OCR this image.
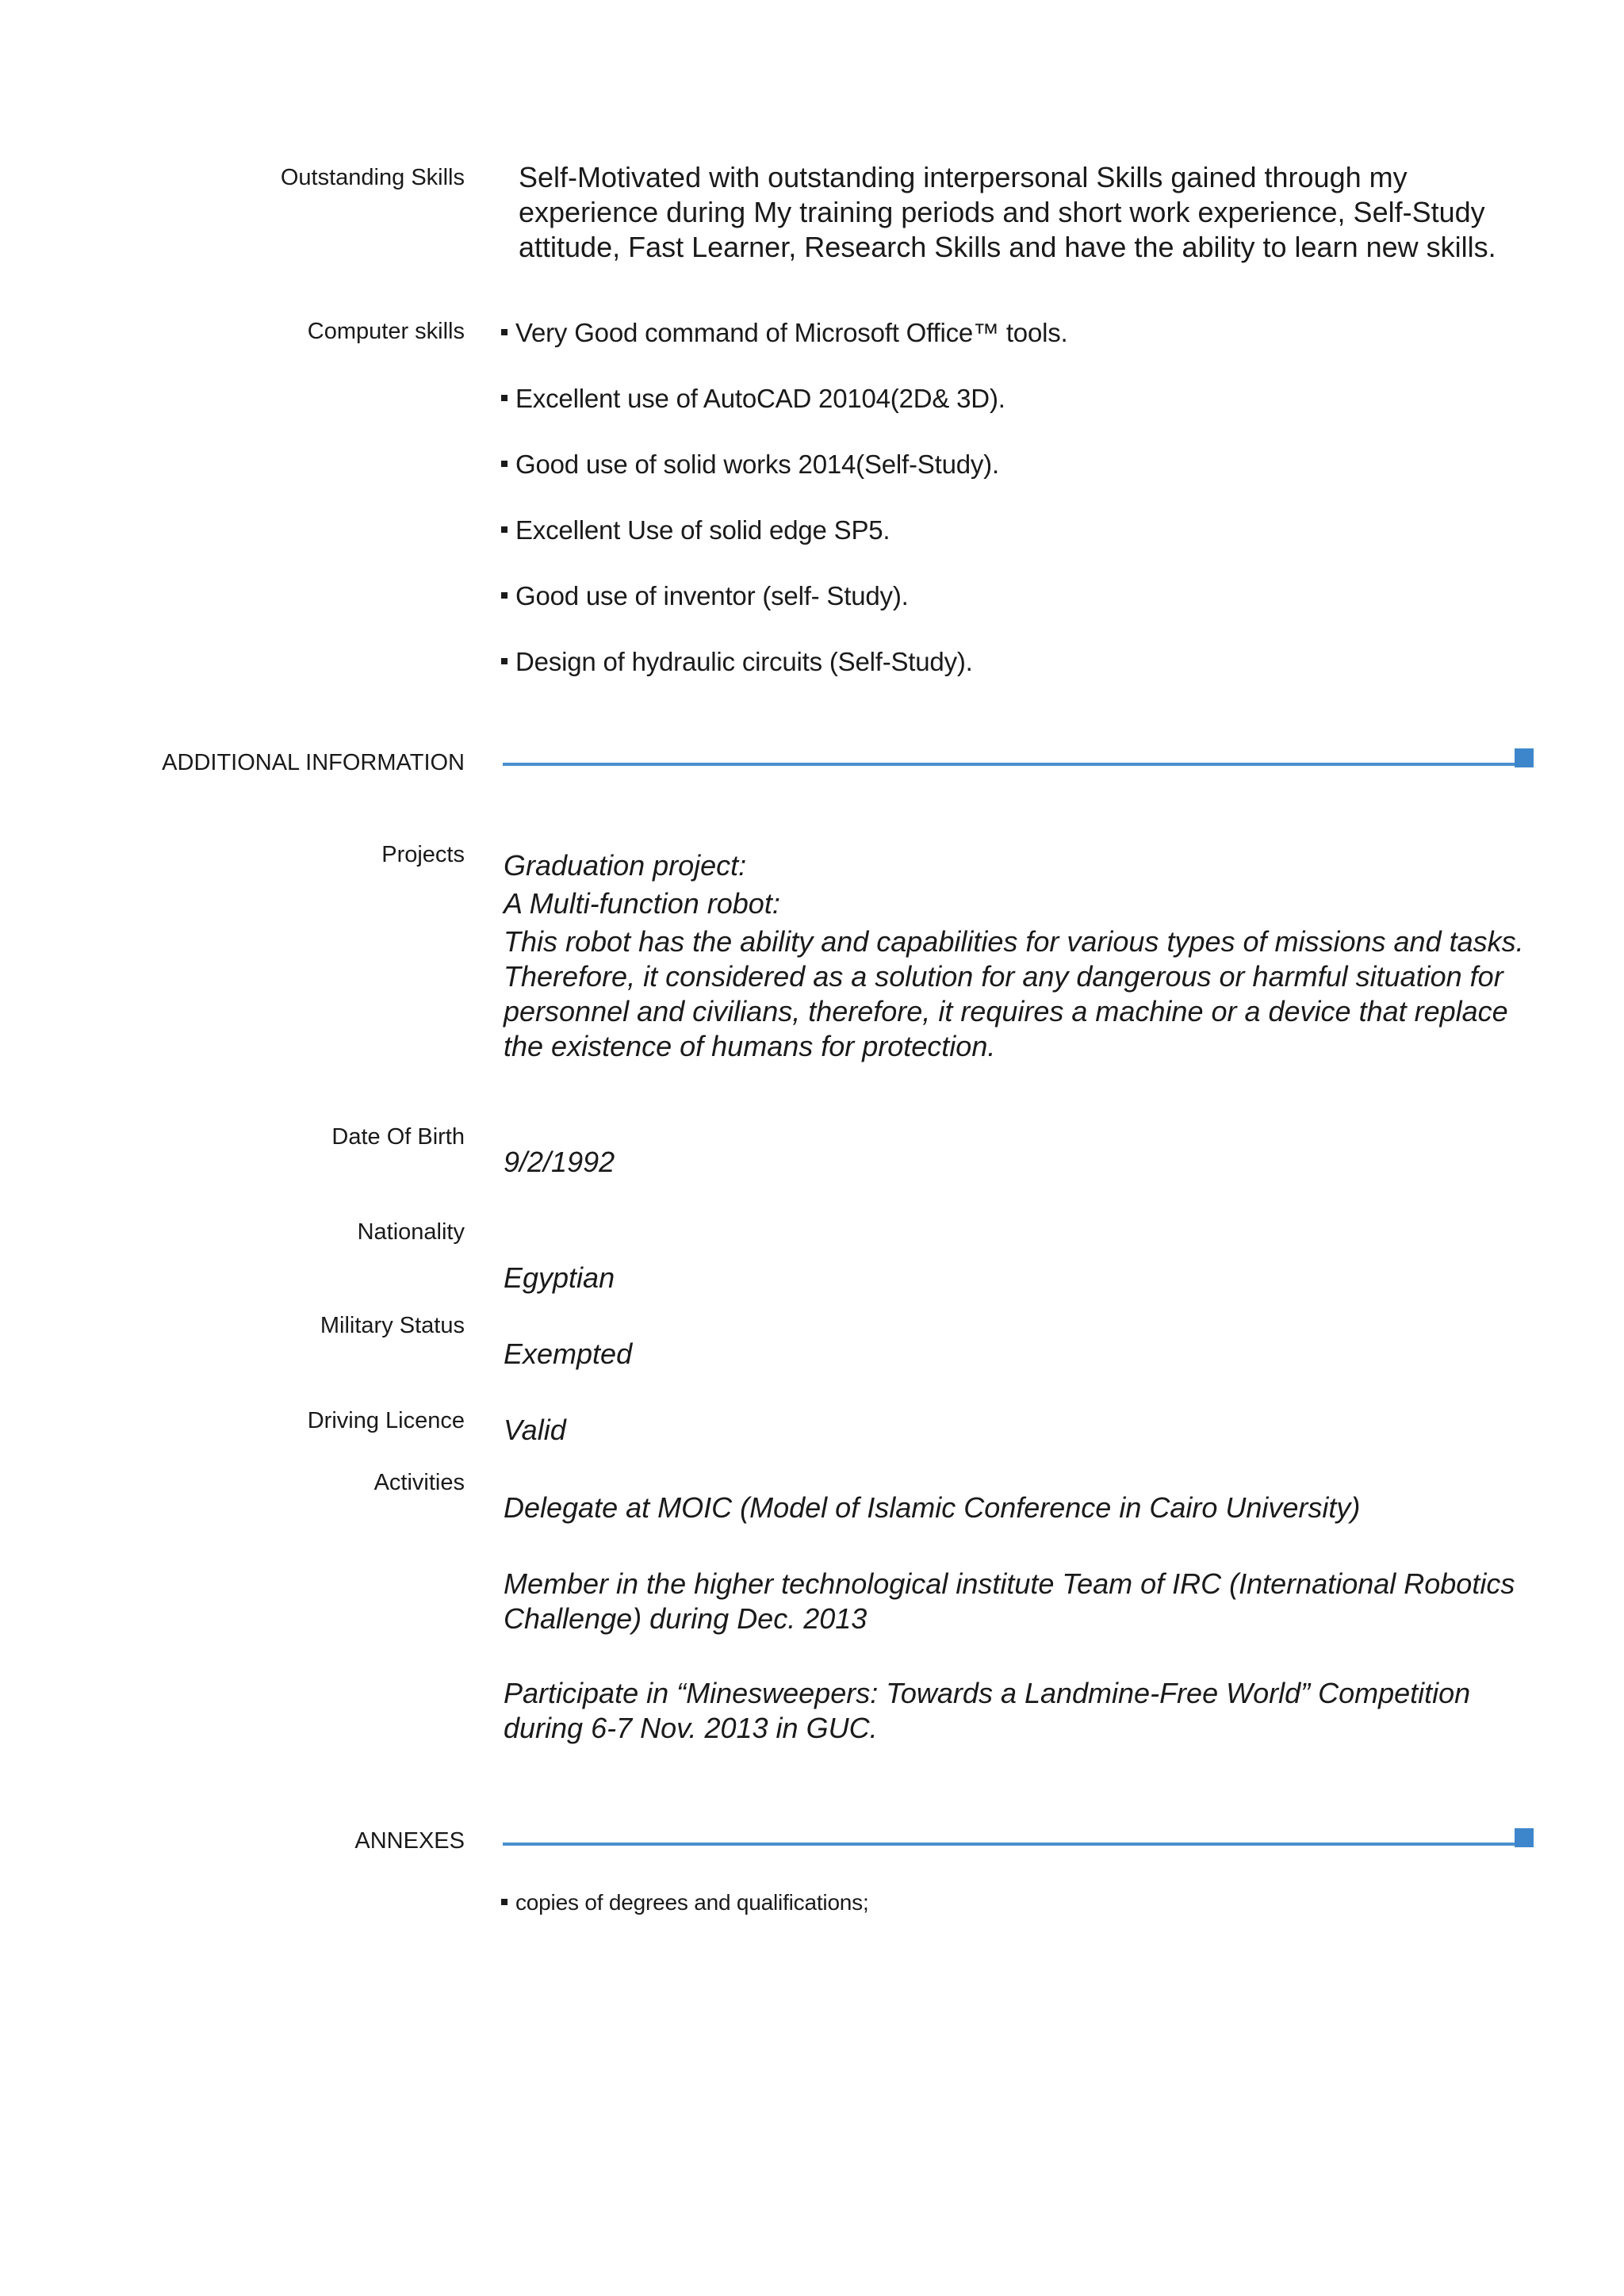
Outstanding Skills Self-Motivated with outstanding interpersonal Skills gained through my experience during My training periods and short work experience, Self-Study attitude, Fast Learner, Research Skills and have the ability to learn new skills.
Computer skills	Very Good command of Microsoft Office™ tools.
Excellent use of AutoCAD 20104(2D& 3D).
Good use of solid works 2014(Self-Study).
Excellent Use of solid edge SP5.
Good use of inventor (self- Study).
Design of hydraulic circuits (Self-Study).
ADDITIONAL INFORMATION
Projects Graduation project:
A Multi-function robot:
This robot has the ability and capabilities for various types of missions and tasks. Therefore, it considered as a solution for any dangerous or harmful situation for personnel and civilians, therefore, it requires a machine or a device that replace the existence of humans for protection.
Date Of Birth
9/2/1992
Nationality
Egyptian
Military Status
Exempted
Driving Licence Valid
Activities
Delegate at MOIC (Model of Islamic Conference in Cairo University)
Member in the higher technological institute Team of IRC (International Robotics Challenge) during Dec. 2013
Participate in “Minesweepers: Towards a Landmine-Free World” Competition during 6-7 Nov. 2013 in GUC.
ANNEXES
copies of degrees and qualifications;
